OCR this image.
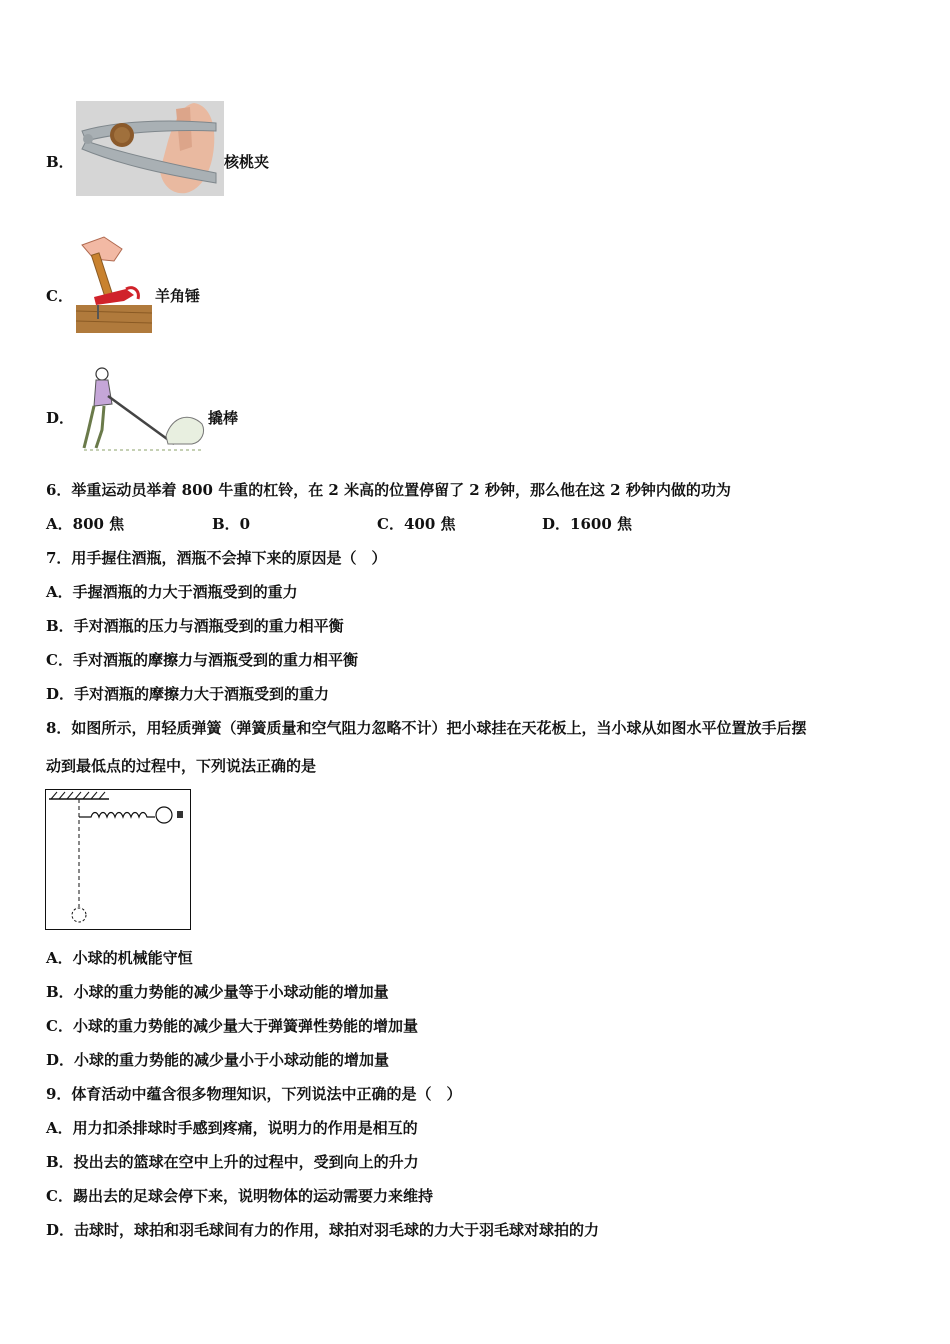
B．	核桃夹
C．	羊角锤
D．	撬棒
6．举重运动员举着 800 牛重的杠铃，在 2 米高的位置停留了 2 秒钟，那么他在这 2 秒钟内做的功为
A．800 焦	B．0	C．400 焦	D．1600 焦
7．用手握住酒瓶，酒瓶不会掉下来的原因是（　）
A．手握酒瓶的力大于酒瓶受到的重力
B．手对酒瓶的压力与酒瓶受到的重力相平衡
C．手对酒瓶的摩擦力与酒瓶受到的重力相平衡
D．手对酒瓶的摩擦力大于酒瓶受到的重力
8．如图所示，用轻质弹簧（弹簧质量和空气阻力忽略不计）把小球挂在天花板上，当小球从如图水平位置放手后摆
动到最低点的过程中，下列说法正确的是
A．小球的机械能守恒
B．小球的重力势能的减少量等于小球动能的增加量
C．小球的重力势能的减少量大于弹簧弹性势能的增加量
D．小球的重力势能的减少量小于小球动能的增加量
9．体育活动中蕴含很多物理知识，下列说法中正确的是（　）
A．用力扣杀排球时手感到疼痛，说明力的作用是相互的
B．投出去的篮球在空中上升的过程中，受到向上的升力
C．踢出去的足球会停下来，说明物体的运动需要力来维持
D．击球时，球拍和羽毛球间有力的作用，球拍对羽毛球的力大于羽毛球对球拍的力
